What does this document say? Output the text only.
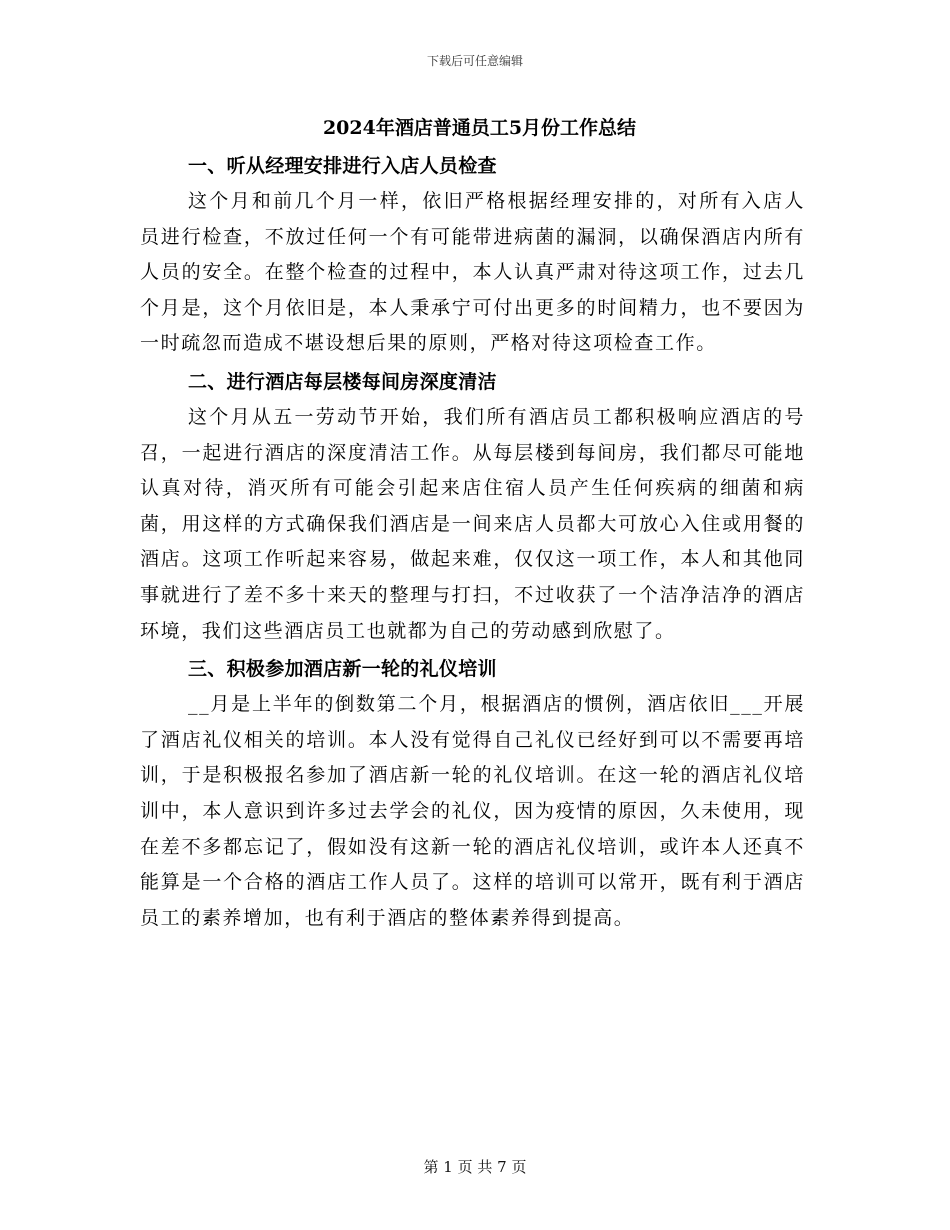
下载后可任意编辑
2024年酒店普通员工5月份工作总结
一、听从经理安排进行入店人员检查

这个月和前几个月一样，依旧严格根据经理安排的，对所有入店人员进行检查，不放过任何一个有可能带进病菌的漏洞，以确保酒店内所有人员的安全。在整个检查的过程中，本人认真严肃对待这项工作，过去几个月是，这个月依旧是，本人秉承宁可付出更多的时间精力，也不要因为一时疏忽而造成不堪设想后果的原则，严格对待这项检查工作。

二、进行酒店每层楼每间房深度清洁

这个月从五一劳动节开始，我们所有酒店员工都积极响应酒店的号召，一起进行酒店的深度清洁工作。从每层楼到每间房，我们都尽可能地认真对待，消灭所有可能会引起来店住宿人员产生任何疾病的细菌和病菌，用这样的方式确保我们酒店是一间来店人员都大可放心入住或用餐的酒店。这项工作听起来容易，做起来难，仅仅这一项工作，本人和其他同事就进行了差不多十来天的整理与打扫，不过收获了一个洁净洁净的酒店环境，我们这些酒店员工也就都为自己的劳动感到欣慰了。

三、积极参加酒店新一轮的礼仪培训

__月是上半年的倒数第二个月，根据酒店的惯例，酒店依旧___开展了酒店礼仪相关的培训。本人没有觉得自己礼仪已经好到可以不需要再培训，于是积极报名参加了酒店新一轮的礼仪培训。在这一轮的酒店礼仪培训中，本人意识到许多过去学会的礼仪，因为疫情的原因，久未使用，现在差不多都忘记了，假如没有这新一轮的酒店礼仪培训，或许本人还真不能算是一个合格的酒店工作人员了。这样的培训可以常开，既有利于酒店员工的素养增加，也有利于酒店的整体素养得到提高。

第 1 页 共 7 页
